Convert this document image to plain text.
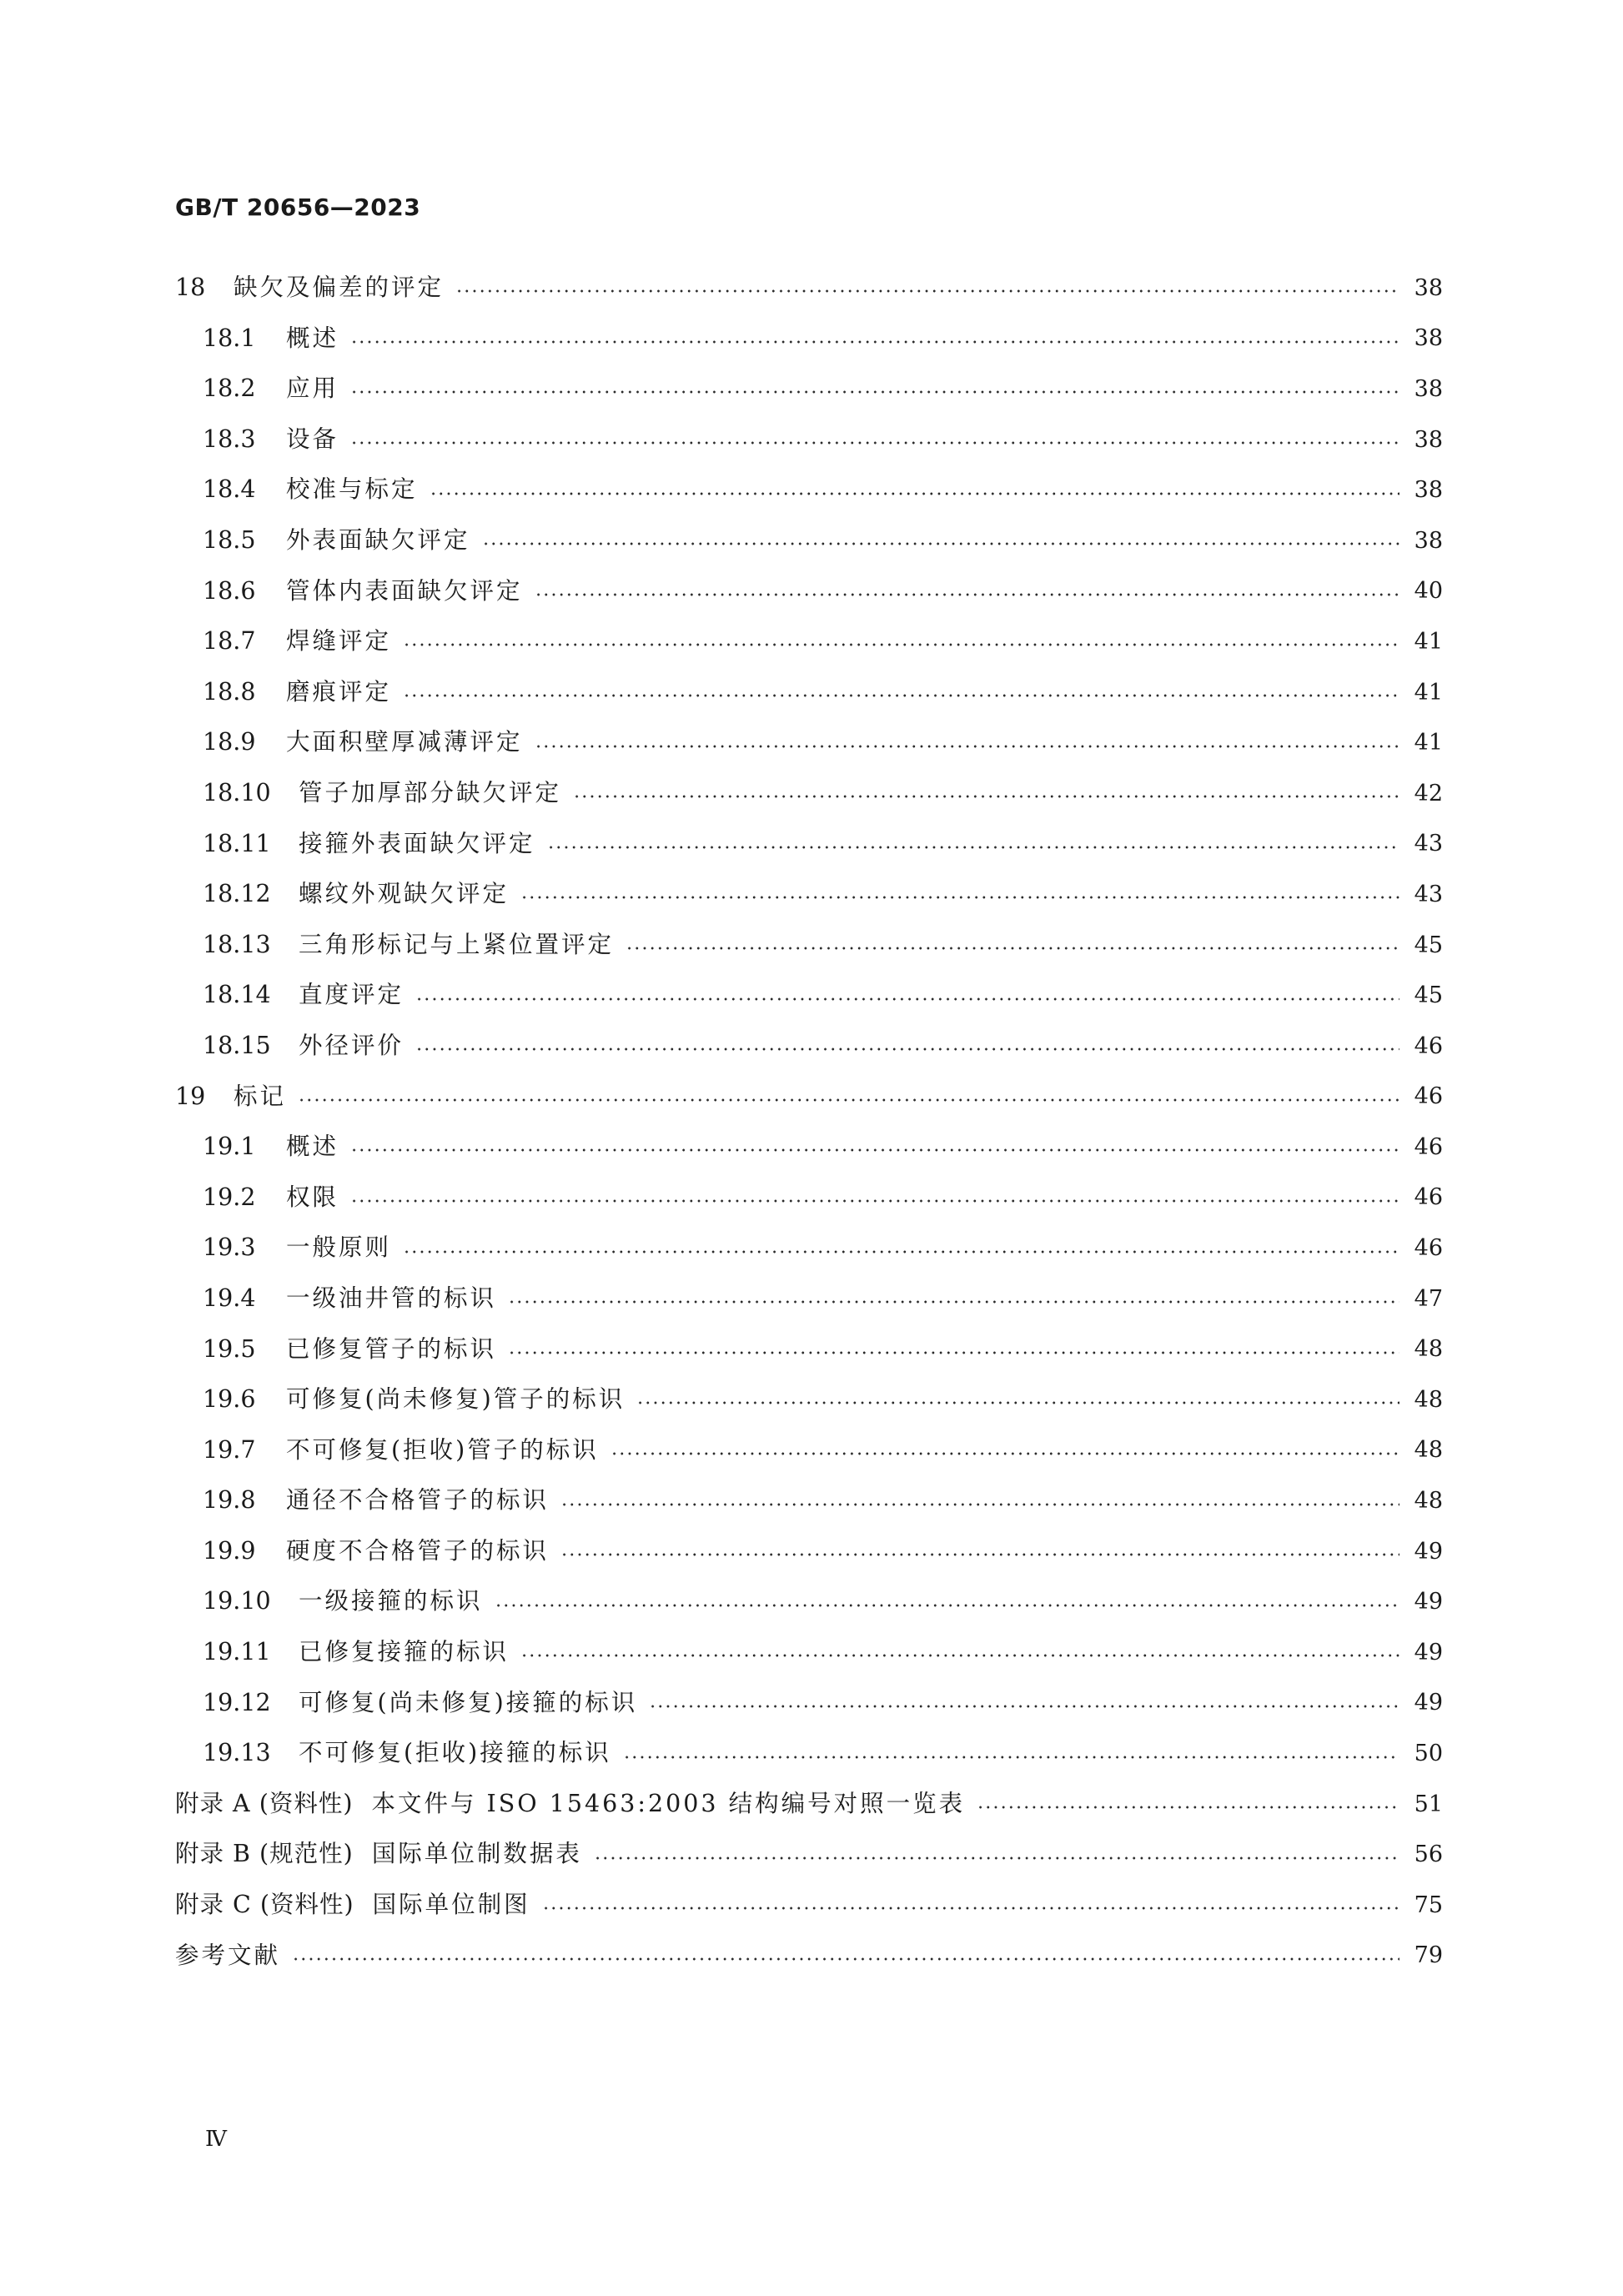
GB/T 20656—2023
18	缺欠及偏差的评定	38
18.1	概述	38
18.2	应用	38
18.3	设备	38
18.4	校准与标定	38
18.5	外表面缺欠评定	38
18.6	管体内表面缺欠评定	40
18.7	焊缝评定	41
18.8	磨痕评定	41
18.9	大面积壁厚减薄评定	41
18.10	管子加厚部分缺欠评定	42
18.11	接箍外表面缺欠评定	43
18.12	螺纹外观缺欠评定	43
18.13	三角形标记与上紧位置评定	45
18.14	直度评定	45
18.15	外径评价	46
19	标记	46
19.1	概述	46
19.2	权限	46
19.3	一般原则	46
19.4	一级油井管的标识	47
19.5	已修复管子的标识	48
19.6	可修复(尚未修复)管子的标识	48
19.7	不可修复(拒收)管子的标识	48
19.8	通径不合格管子的标识	48
19.9	硬度不合格管子的标识	49
19.10	一级接箍的标识	49
19.11	已修复接箍的标识	49
19.12	可修复(尚未修复)接箍的标识	49
19.13	不可修复(拒收)接箍的标识	50
附录 A (资料性) 本文件与 ISO 15463:2003 结构编号对照一览表	51
附录 B (规范性) 国际单位制数据表	56
附录 C (资料性) 国际单位制图	75
参考文献	79
Ⅳ
